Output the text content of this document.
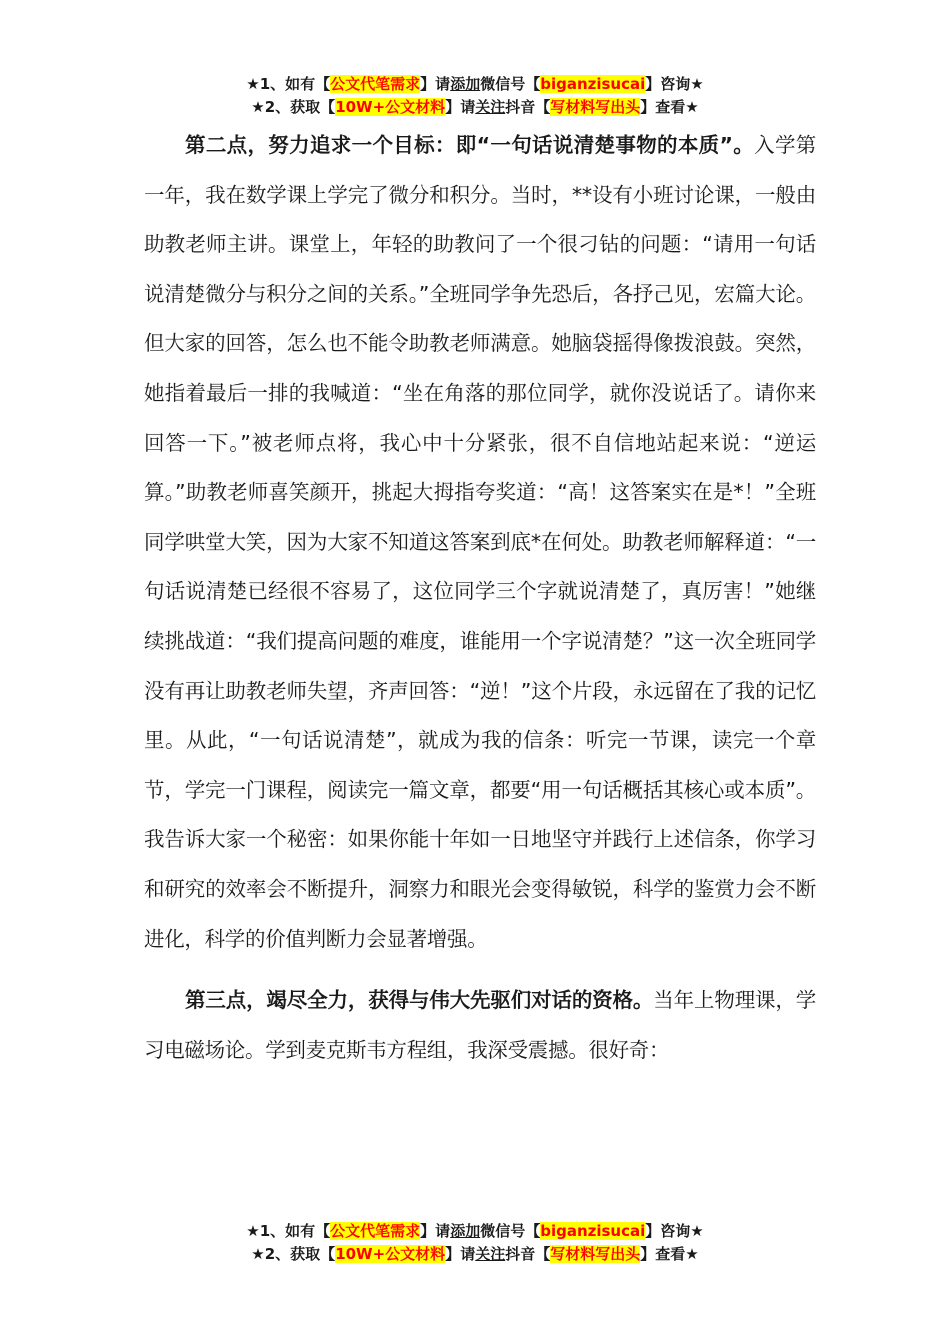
★1、如有【公文代笔需求】请添加微信号【biganzisucai】咨询★
★2、获取【10W+公文材料】请关注抖音【写材料写出头】查看★

第二点，努力追求一个目标：即“一句话说清楚事物的本质”。入学第一年，我在数学课上学完了微分和积分。当时，**设有小班讨论课，一般由助教老师主讲。课堂上，年轻的助教问了一个很刁钻的问题：“请用一句话说清楚微分与积分之间的关系。”全班同学争先恐后，各抒己见，宏篇大论。但大家的回答，怎么也不能令助教老师满意。她脑袋摇得像拨浪鼓。突然，她指着最后一排的我喊道：“坐在角落的那位同学，就你没说话了。请你来回答一下。”被老师点将，我心中十分紧张，很不自信地站起来说：“逆运算。”助教老师喜笑颜开，挑起大拇指夸奖道：“高！这答案实在是*！”全班同学哄堂大笑，因为大家不知道这答案到底*在何处。助教老师解释道：“一句话说清楚已经很不容易了，这位同学三个字就说清楚了，真厉害！”她继续挑战道：“我们提高问题的难度，谁能用一个字说清楚？”这一次全班同学没有再让助教老师失望，齐声回答：“逆！”这个片段，永远留在了我的记忆里。从此，“一句话说清楚”，就成为我的信条：听完一节课，读完一个章节，学完一门课程，阅读完一篇文章，都要“用一句话概括其核心或本质”。我告诉大家一个秘密：如果你能十年如一日地坚守并践行上述信条，你学习和研究的效率会不断提升，洞察力和眼光会变得敏锐，科学的鉴赏力会不断进化，科学的价值判断力会显著增强。

第三点，竭尽全力，获得与伟大先驱们对话的资格。当年上物理课，学习电磁场论。学到麦克斯韦方程组，我深受震撼。很好奇：

★1、如有【公文代笔需求】请添加微信号【biganzisucai】咨询★
★2、获取【10W+公文材料】请关注抖音【写材料写出头】查看★
